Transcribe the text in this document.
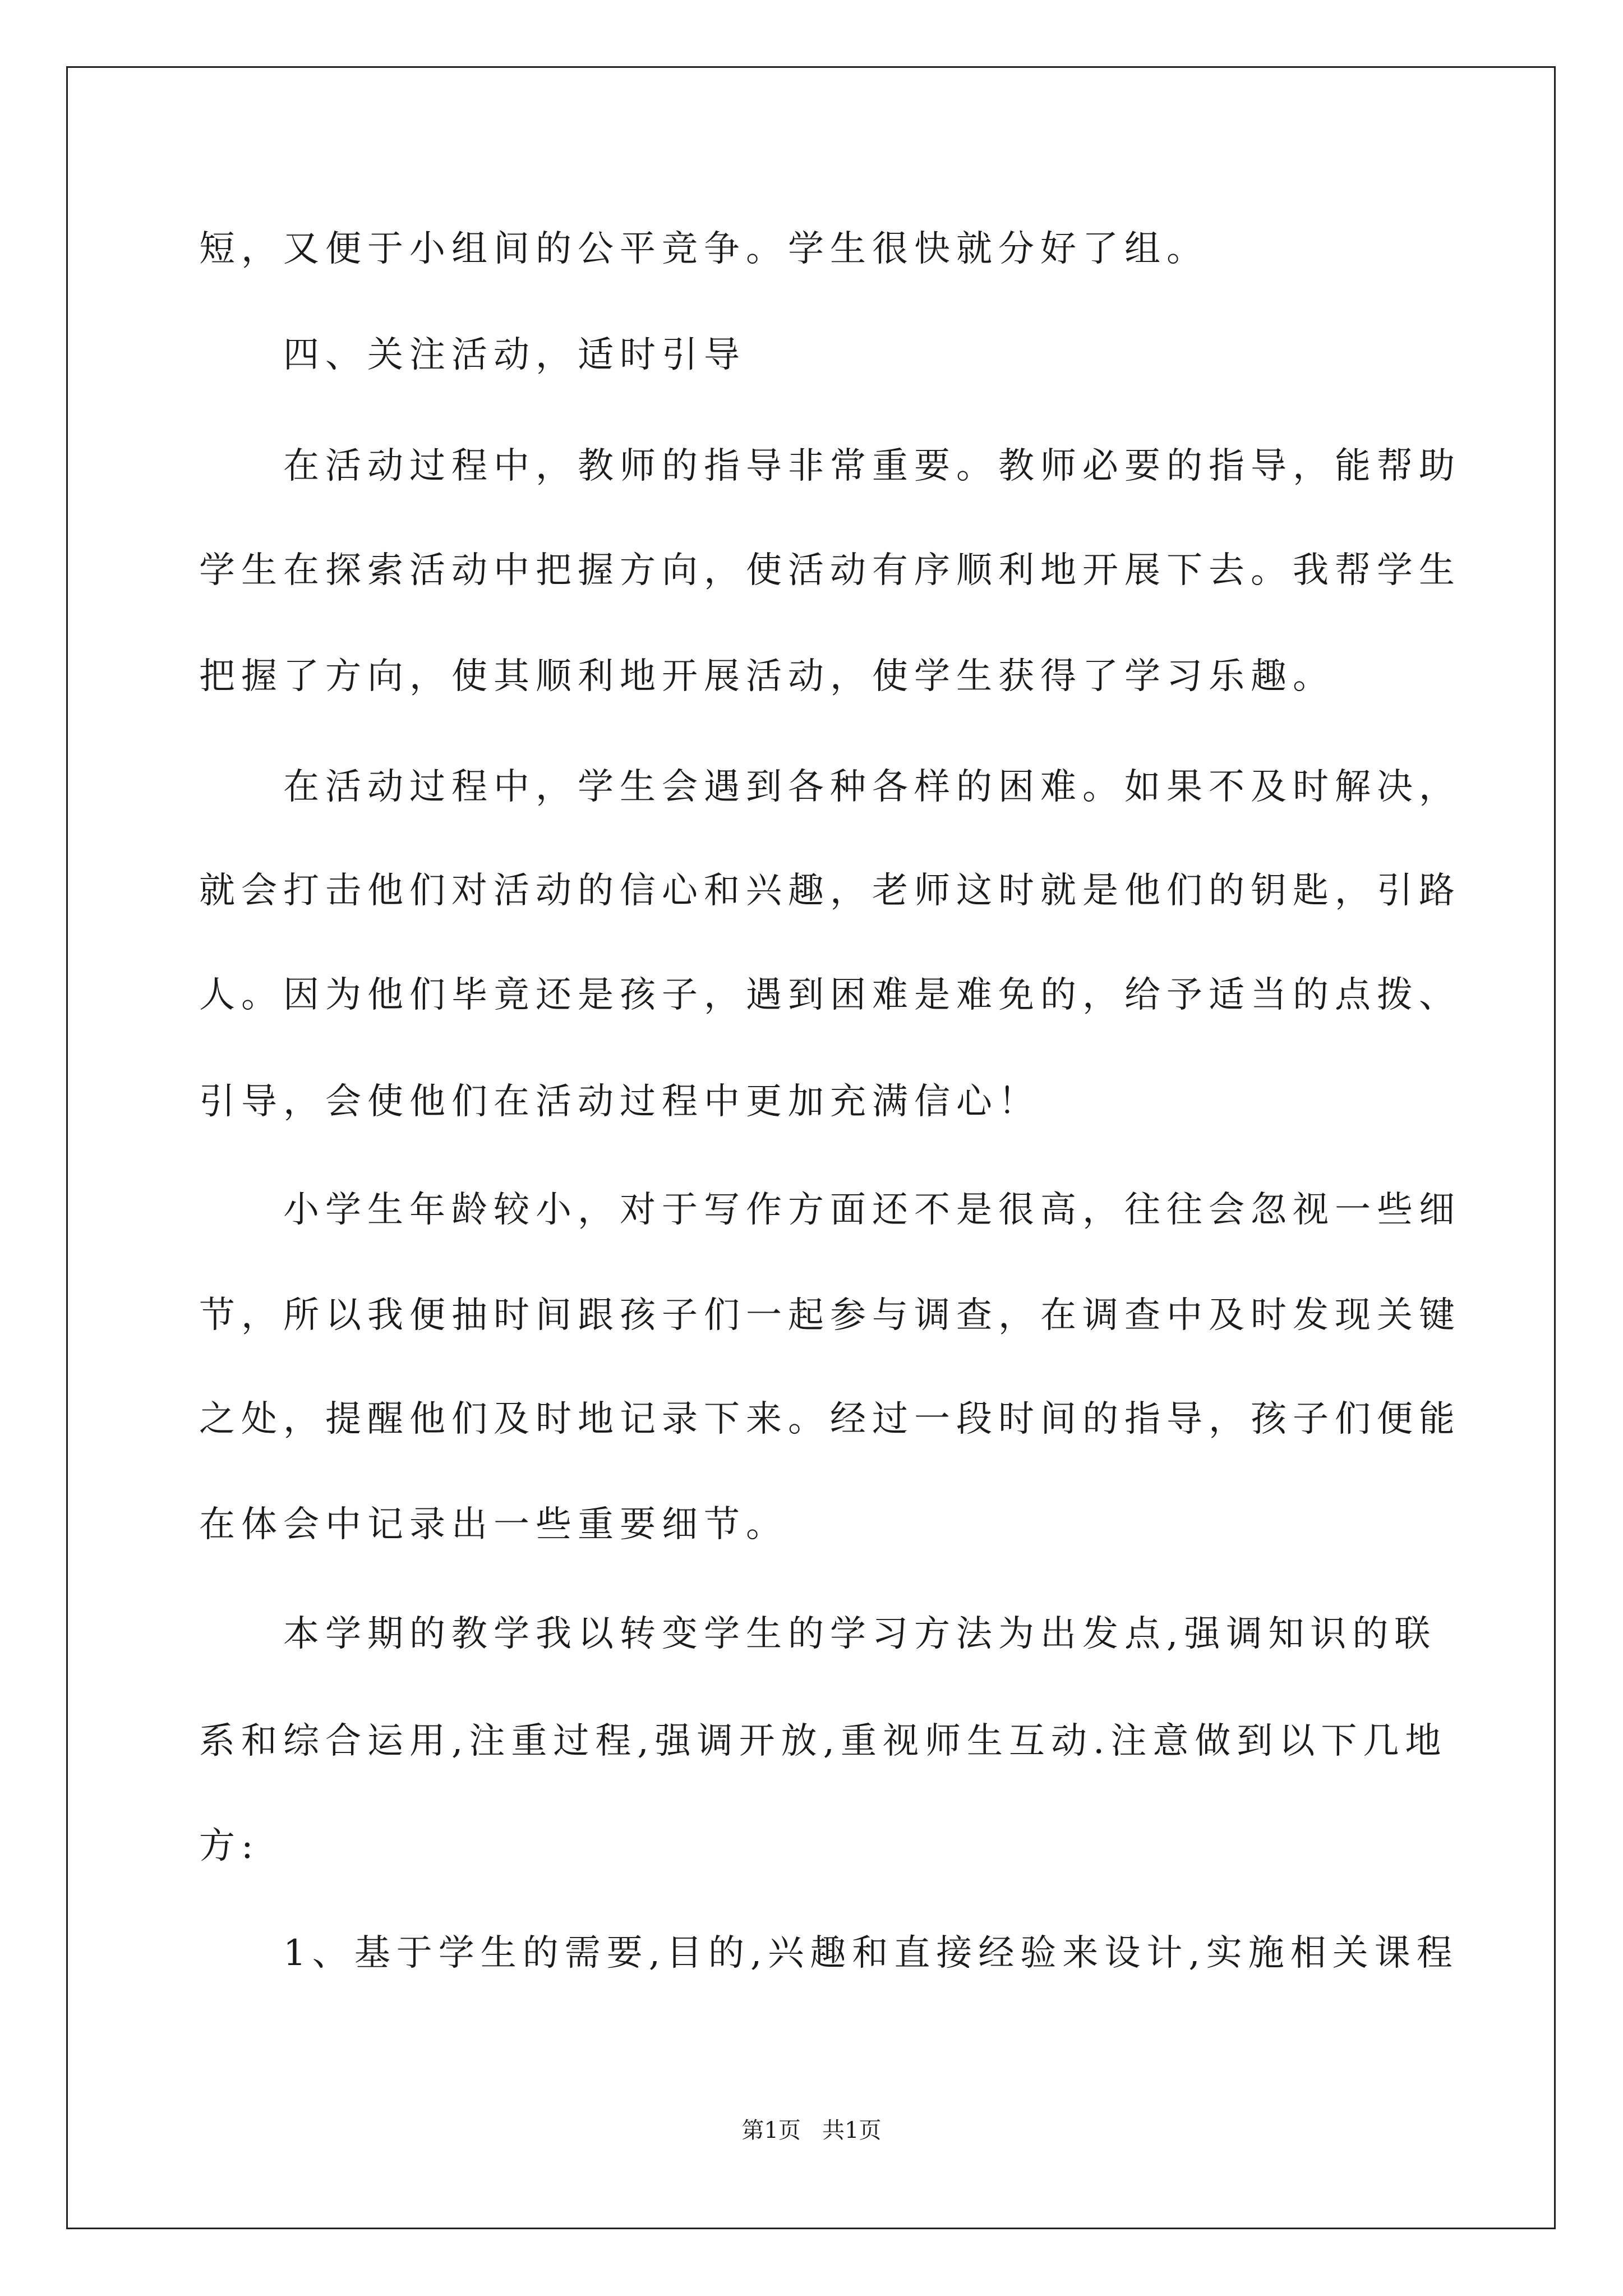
短，又便于小组间的公平竞争。学生很快就分好了组。
四、关注活动，适时引导
在活动过程中，教师的指导非常重要。教师必要的指导，能帮助
学生在探索活动中把握方向，使活动有序顺利地开展下去。我帮学生
把握了方向，使其顺利地开展活动，使学生获得了学习乐趣。
在活动过程中，学生会遇到各种各样的困难。如果不及时解决，
就会打击他们对活动的信心和兴趣，老师这时就是他们的钥匙，引路
人。因为他们毕竟还是孩子，遇到困难是难免的，给予适当的点拨、
引导，会使他们在活动过程中更加充满信心！
小学生年龄较小，对于写作方面还不是很高，往往会忽视一些细
节，所以我便抽时间跟孩子们一起参与调查，在调查中及时发现关键
之处，提醒他们及时地记录下来。经过一段时间的指导，孩子们便能
在体会中记录出一些重要细节。
本学期的教学我以转变学生的学习方法为出发点,强调知识的联
系和综合运用,注重过程,强调开放,重视师生互动.注意做到以下几地
方:
1、基于学生的需要,目的,兴趣和直接经验来设计,实施相关课程
第1页   共1页
